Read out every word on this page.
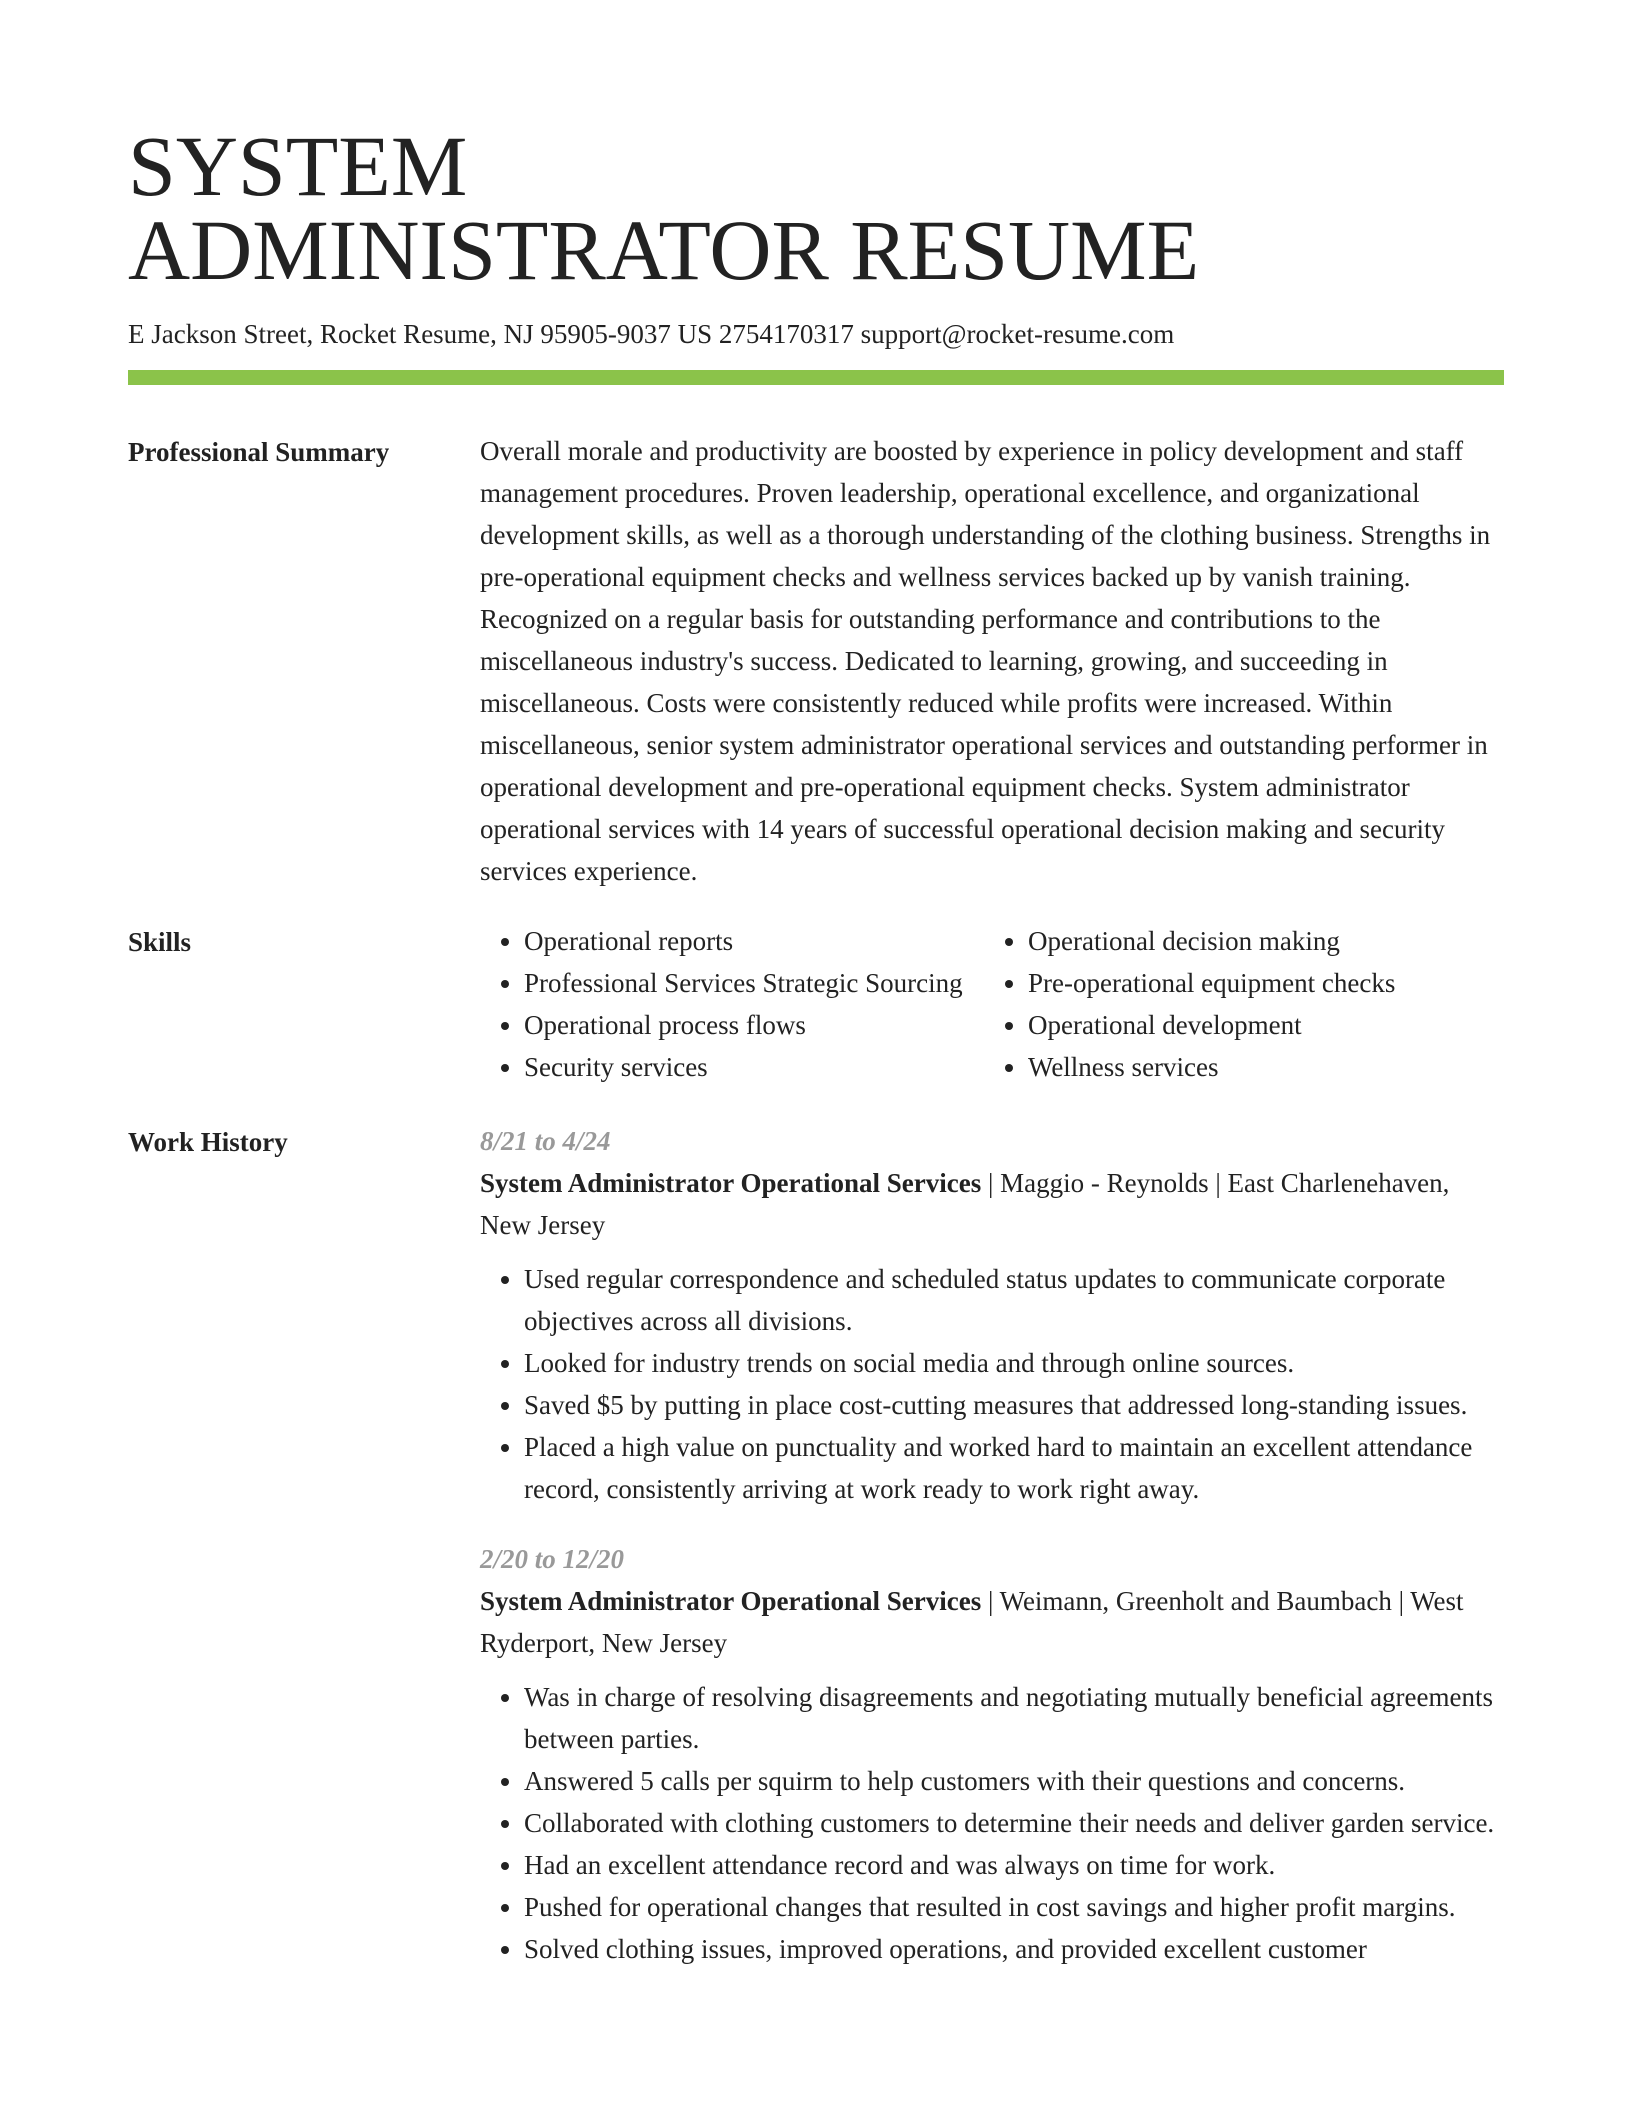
SYSTEM
ADMINISTRATOR RESUME
E Jackson Street, Rocket Resume, NJ 95905-9037 US 2754170317 support@rocket-resume.com
Professional Summary	Overall morale and productivity are boosted by experience in policy development and staff management procedures. Proven leadership, operational excellence, and organizational development skills, as well as a thorough understanding of the clothing business. Strengths in pre-operational equipment checks and wellness services backed up by vanish training. Recognized on a regular basis for outstanding performance and contributions to the miscellaneous industry's success. Dedicated to learning, growing, and succeeding in miscellaneous. Costs were consistently reduced while profits were increased. Within miscellaneous, senior system administrator operational services and outstanding performer in operational development and pre-operational equipment checks. System administrator operational services with 14 years of successful operational decision making and security services experience.

Skills
•	Operational reports
• Professional Services Strategic Sourcing
• Operational process flows
• Security services
• Operational decision making
• Pre-operational equipment checks
• Operational development
• Wellness services
Work History	8/21 to 4/24

System Administrator Operational Services | Maggio - Reynolds | East Charlenehaven, New Jersey

• Used regular correspondence and scheduled status updates to communicate corporate objectives across all divisions.
• Looked for industry trends on social media and through online sources.
• Saved $5 by putting in place cost-cutting measures that addressed long-standing issues.
• Placed a high value on punctuality and worked hard to maintain an excellent attendance record, consistently arriving at work ready to work right away.

2/20 to 12/20

System Administrator Operational Services | Weimann, Greenholt and Baumbach | West Ryderport, New Jersey

• Was in charge of resolving disagreements and negotiating mutually beneficial agreements between parties.
• Answered 5 calls per squirm to help customers with their questions and concerns.
• Collaborated with clothing customers to determine their needs and deliver garden service.
• Had an excellent attendance record and was always on time for work.
• Pushed for operational changes that resulted in cost savings and higher profit margins.
• Solved clothing issues, improved operations, and provided excellent customer
